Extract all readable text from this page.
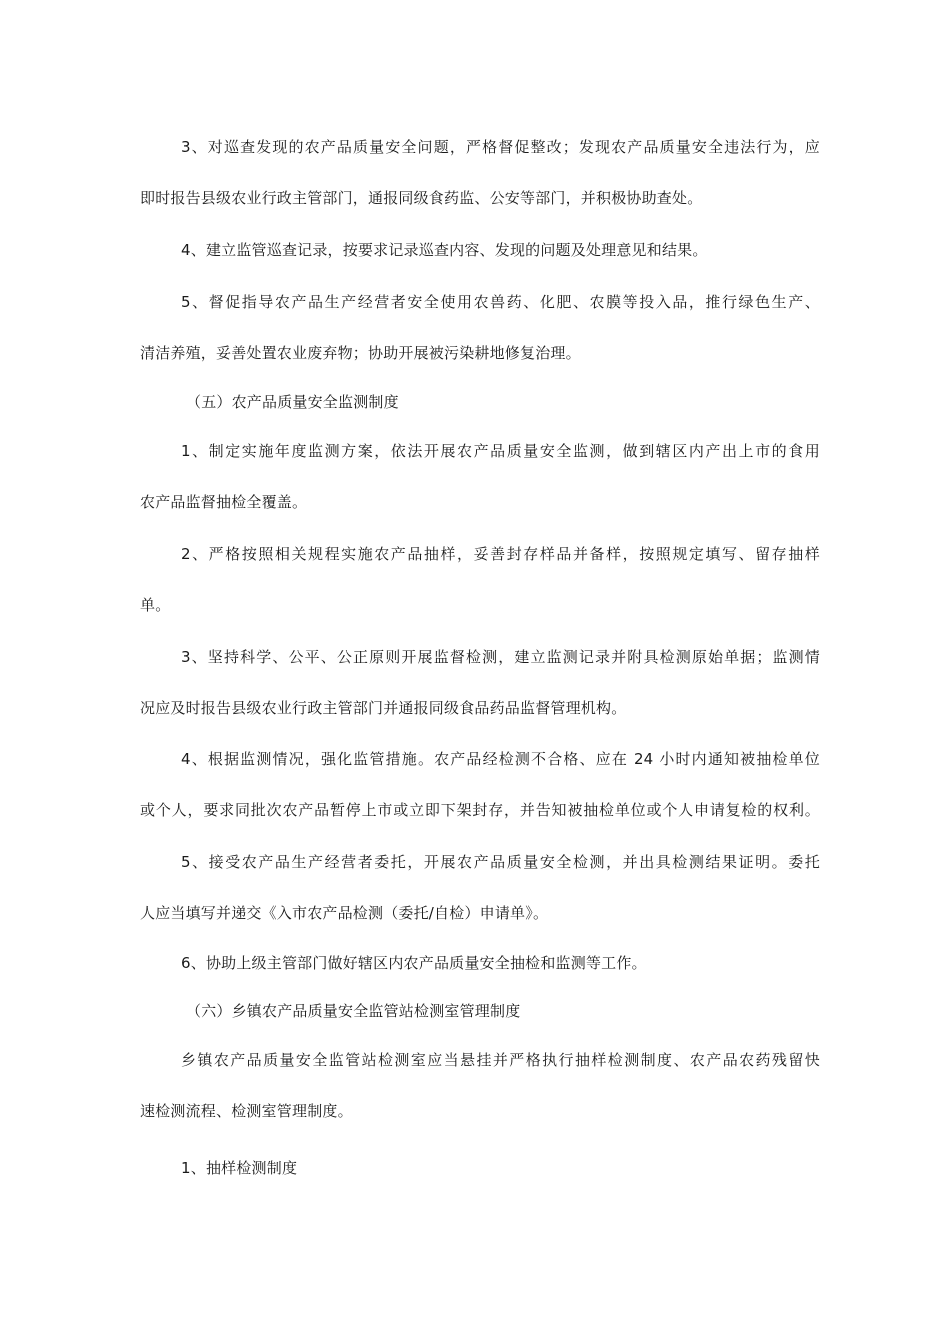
3、对巡查发现的农产品质量安全问题，严格督促整改；发现农产品质量安全违法行为，应
即时报告县级农业行政主管部门，通报同级食药监、公安等部门，并积极协助查处。
4、建立监管巡查记录，按要求记录巡查内容、发现的问题及处理意见和结果。
5、督促指导农产品生产经营者安全使用农兽药、化肥、农膜等投入品，推行绿色生产、
清洁养殖，妥善处置农业废弃物；协助开展被污染耕地修复治理。
（五）农产品质量安全监测制度
1、制定实施年度监测方案，依法开展农产品质量安全监测，做到辖区内产出上市的食用
农产品监督抽检全覆盖。
2、严格按照相关规程实施农产品抽样，妥善封存样品并备样，按照规定填写、留存抽样
单。
3、坚持科学、公平、公正原则开展监督检测，建立监测记录并附具检测原始单据；监测情
况应及时报告县级农业行政主管部门并通报同级食品药品监督管理机构。
4、根据监测情况，强化监管措施。农产品经检测不合格、应在 24 小时内通知被抽检单位
或个人，要求同批次农产品暂停上市或立即下架封存，并告知被抽检单位或个人申请复检的权利。
5、接受农产品生产经营者委托，开展农产品质量安全检测，并出具检测结果证明。委托
人应当填写并递交《入市农产品检测（委托/自检）申请单》。
6、协助上级主管部门做好辖区内农产品质量安全抽检和监测等工作。
（六）乡镇农产品质量安全监管站检测室管理制度
乡镇农产品质量安全监管站检测室应当悬挂并严格执行抽样检测制度、农产品农药残留快
速检测流程、检测室管理制度。
1、抽样检测制度
